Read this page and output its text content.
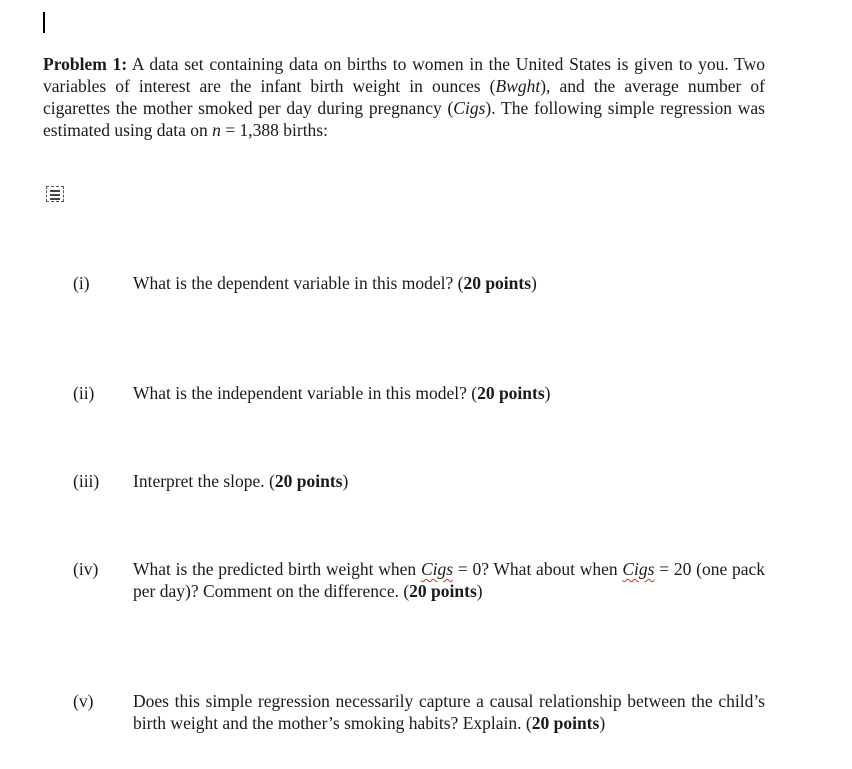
Problem 1: A data set containing data on births to women in the United States is given to you. Two variables of interest are the infant birth weight in ounces (Bwght), and the average number of cigarettes the mother smoked per day during pregnancy (Cigs). The following simple regression was estimated using data on n = 1,388 births:
(i) What is the dependent variable in this model? (20 points)
(ii) What is the independent variable in this model? (20 points)
(iii) Interpret the slope. (20 points)
(iv) What is the predicted birth weight when Cigs = 0? What about when Cigs = 20 (one pack per day)? Comment on the difference. (20 points)
(v) Does this simple regression necessarily capture a causal relationship between the child’s birth weight and the mother’s smoking habits? Explain. (20 points)
